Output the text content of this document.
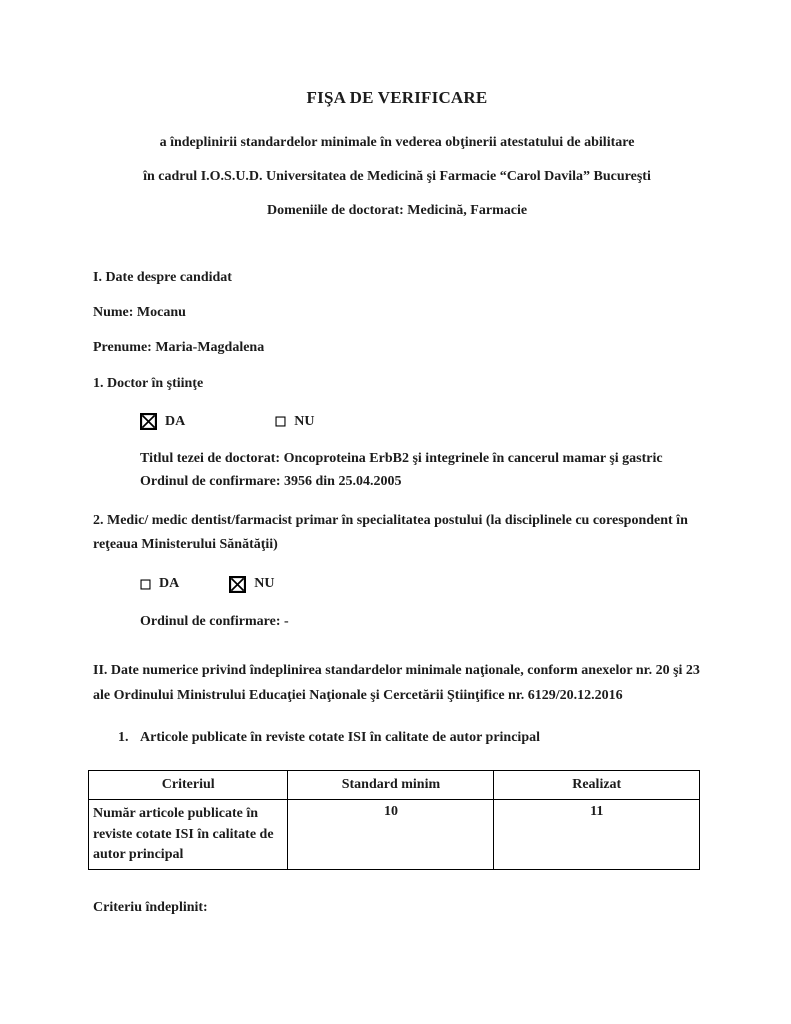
FIŞA DE VERIFICARE

a îndeplinirii standardelor minimale în vederea obţinerii atestatului de abilitare

în cadrul I.O.S.U.D. Universitatea de Medicină şi Farmacie “Carol Davila” Bucureşti

Domeniile de doctorat: Medicină, Farmacie

I. Date despre candidat

Nume: Mocanu

Prenume: Maria-Magdalena

1. Doctor în ştiinţe

DA	NU
Titlul tezei de doctorat: Oncoproteina ErbB2 şi integrinele în cancerul mamar şi gastric
Ordinul de confirmare: 3956 din 25.04.2005

2. Medic/ medic dentist/farmacist primar în specialitatea postului (la disciplinele cu corespondent în reţeaua Ministerului Sănătăţii)

DA	NU
Ordinul de confirmare: -

II. Date numerice privind îndeplinirea standardelor minimale naţionale, conform anexelor nr. 20 şi 23 ale Ordinului Ministrului Educaţiei Naţionale şi Cercetării Ştiinţifice nr. 6129/20.12.2016

1. Articole publicate în reviste cotate ISI în calitate de autor principal

Criteriul	Standard minim	Realizat
Număr articole publicate în reviste cotate ISI în calitate de autor principal	10	11

Criteriu îndeplinit:
